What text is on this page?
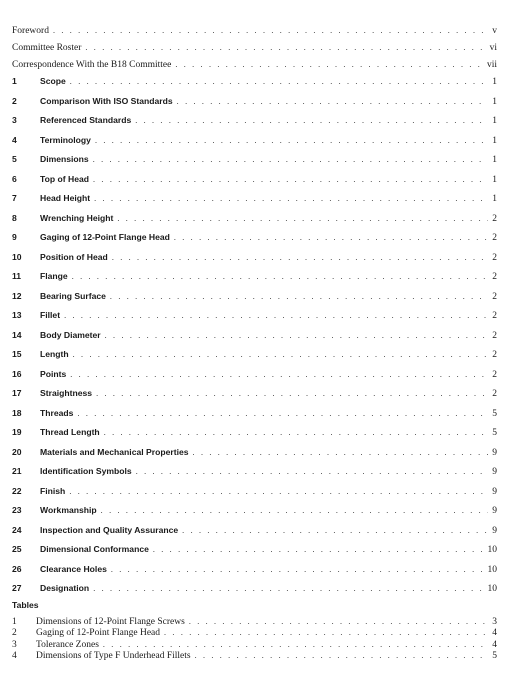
Foreword . . .	v
Committee Roster . . .	vi
Correspondence With the B18 Committee . . .	vii
1	Scope . . .	1
2	Comparison With ISO Standards . . .	1
3	Referenced Standards . . .	1
4	Terminology . . .	1
5	Dimensions . . .	1
6	Top of Head . . .	1
7	Head Height . . .	1
8	Wrenching Height . . .	2
9	Gaging of 12-Point Flange Head . . .	2
10	Position of Head . . .	2
11	Flange . . .	2
12	Bearing Surface . . .	2
13	Fillet . . .	2
14	Body Diameter . . .	2
15	Length . . .	2
16	Points . . .	2
17	Straightness . . .	2
18	Threads . . .	5
19	Thread Length . . .	5
20	Materials and Mechanical Properties . . .	9
21	Identification Symbols . . .	9
22	Finish . . .	9
23	Workmanship . . .	9
24	Inspection and Quality Assurance . . .	9
25	Dimensional Conformance . . .	10
26	Clearance Holes . . .	10
27	Designation . . .	10
Tables
1	Dimensions of 12-Point Flange Screws . . .	3
2	Gaging of 12-Point Flange Head . . .	4
3	Tolerance Zones . . .	4
4	Dimensions of Type F Underhead Fillets . . .	5
